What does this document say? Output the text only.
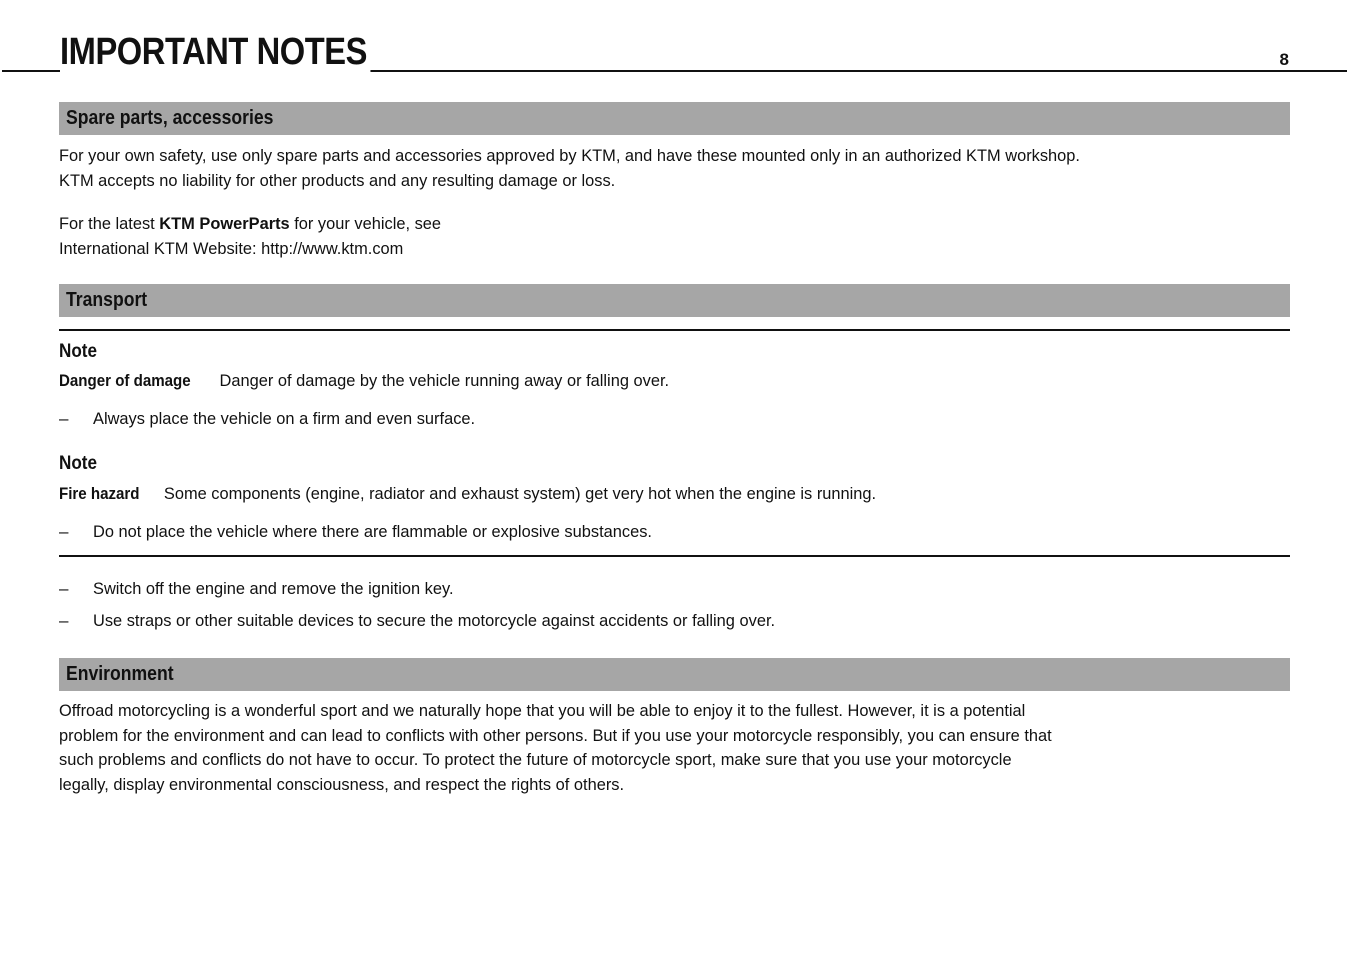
IMPORTANT NOTES	8
Spare parts, accessories

For your own safety, use only spare parts and accessories approved by KTM, and have these mounted only in an authorized KTM workshop.

KTM accepts no liability for other products and any resulting damage or loss.

For the latest KTM PowerParts for your vehicle, see

International KTM Website: http://www.ktm.com

Transport
Note
Danger of damage Danger of damage by the vehicle running away or falling over.
–	Always place the vehicle on a firm and even surface.
Note
Fire hazard Some components (engine, radiator and exhaust system) get very hot when the engine is running.
–	Do not place the vehicle where there are flammable or explosive substances.
–	Switch off the engine and remove the ignition key.
–	Use straps or other suitable devices to secure the motorcycle against accidents or falling over.
Environment

Offroad motorcycling is a wonderful sport and we naturally hope that you will be able to enjoy it to the fullest. However, it is a potential

problem for the environment and can lead to conflicts with other persons. But if you use your motorcycle responsibly, you can ensure that

such problems and conflicts do not have to occur. To protect the future of motorcycle sport, make sure that you use your motorcycle

legally, display environmental consciousness, and respect the rights of others.
